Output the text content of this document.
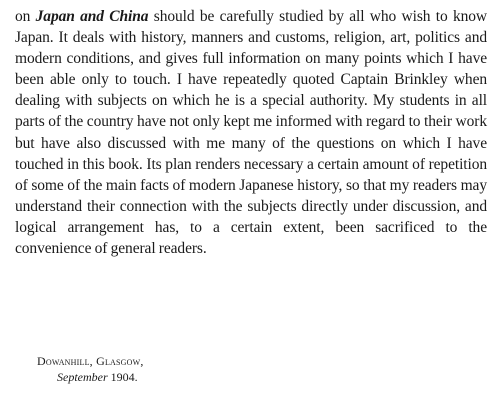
on Japan and China should be carefully studied by all who wish to know Japan. It deals with history, manners and customs, religion, art, politics and modern conditions, and gives full information on many points which I have been able only to touch. I have repeatedly quoted Captain Brinkley when dealing with subjects on which he is a special authority. My students in all parts of the country have not only kept me informed with regard to their work but have also discussed with me many of the questions on which I have touched in this book. Its plan renders necessary a certain amount of repetition of some of the main facts of modern Japanese history, so that my readers may understand their connection with the subjects directly under discussion, and logical arrangement has, to a certain extent, been sacrificed to the convenience of general readers.

Dowanhill, Glasgow,
September 1904.
